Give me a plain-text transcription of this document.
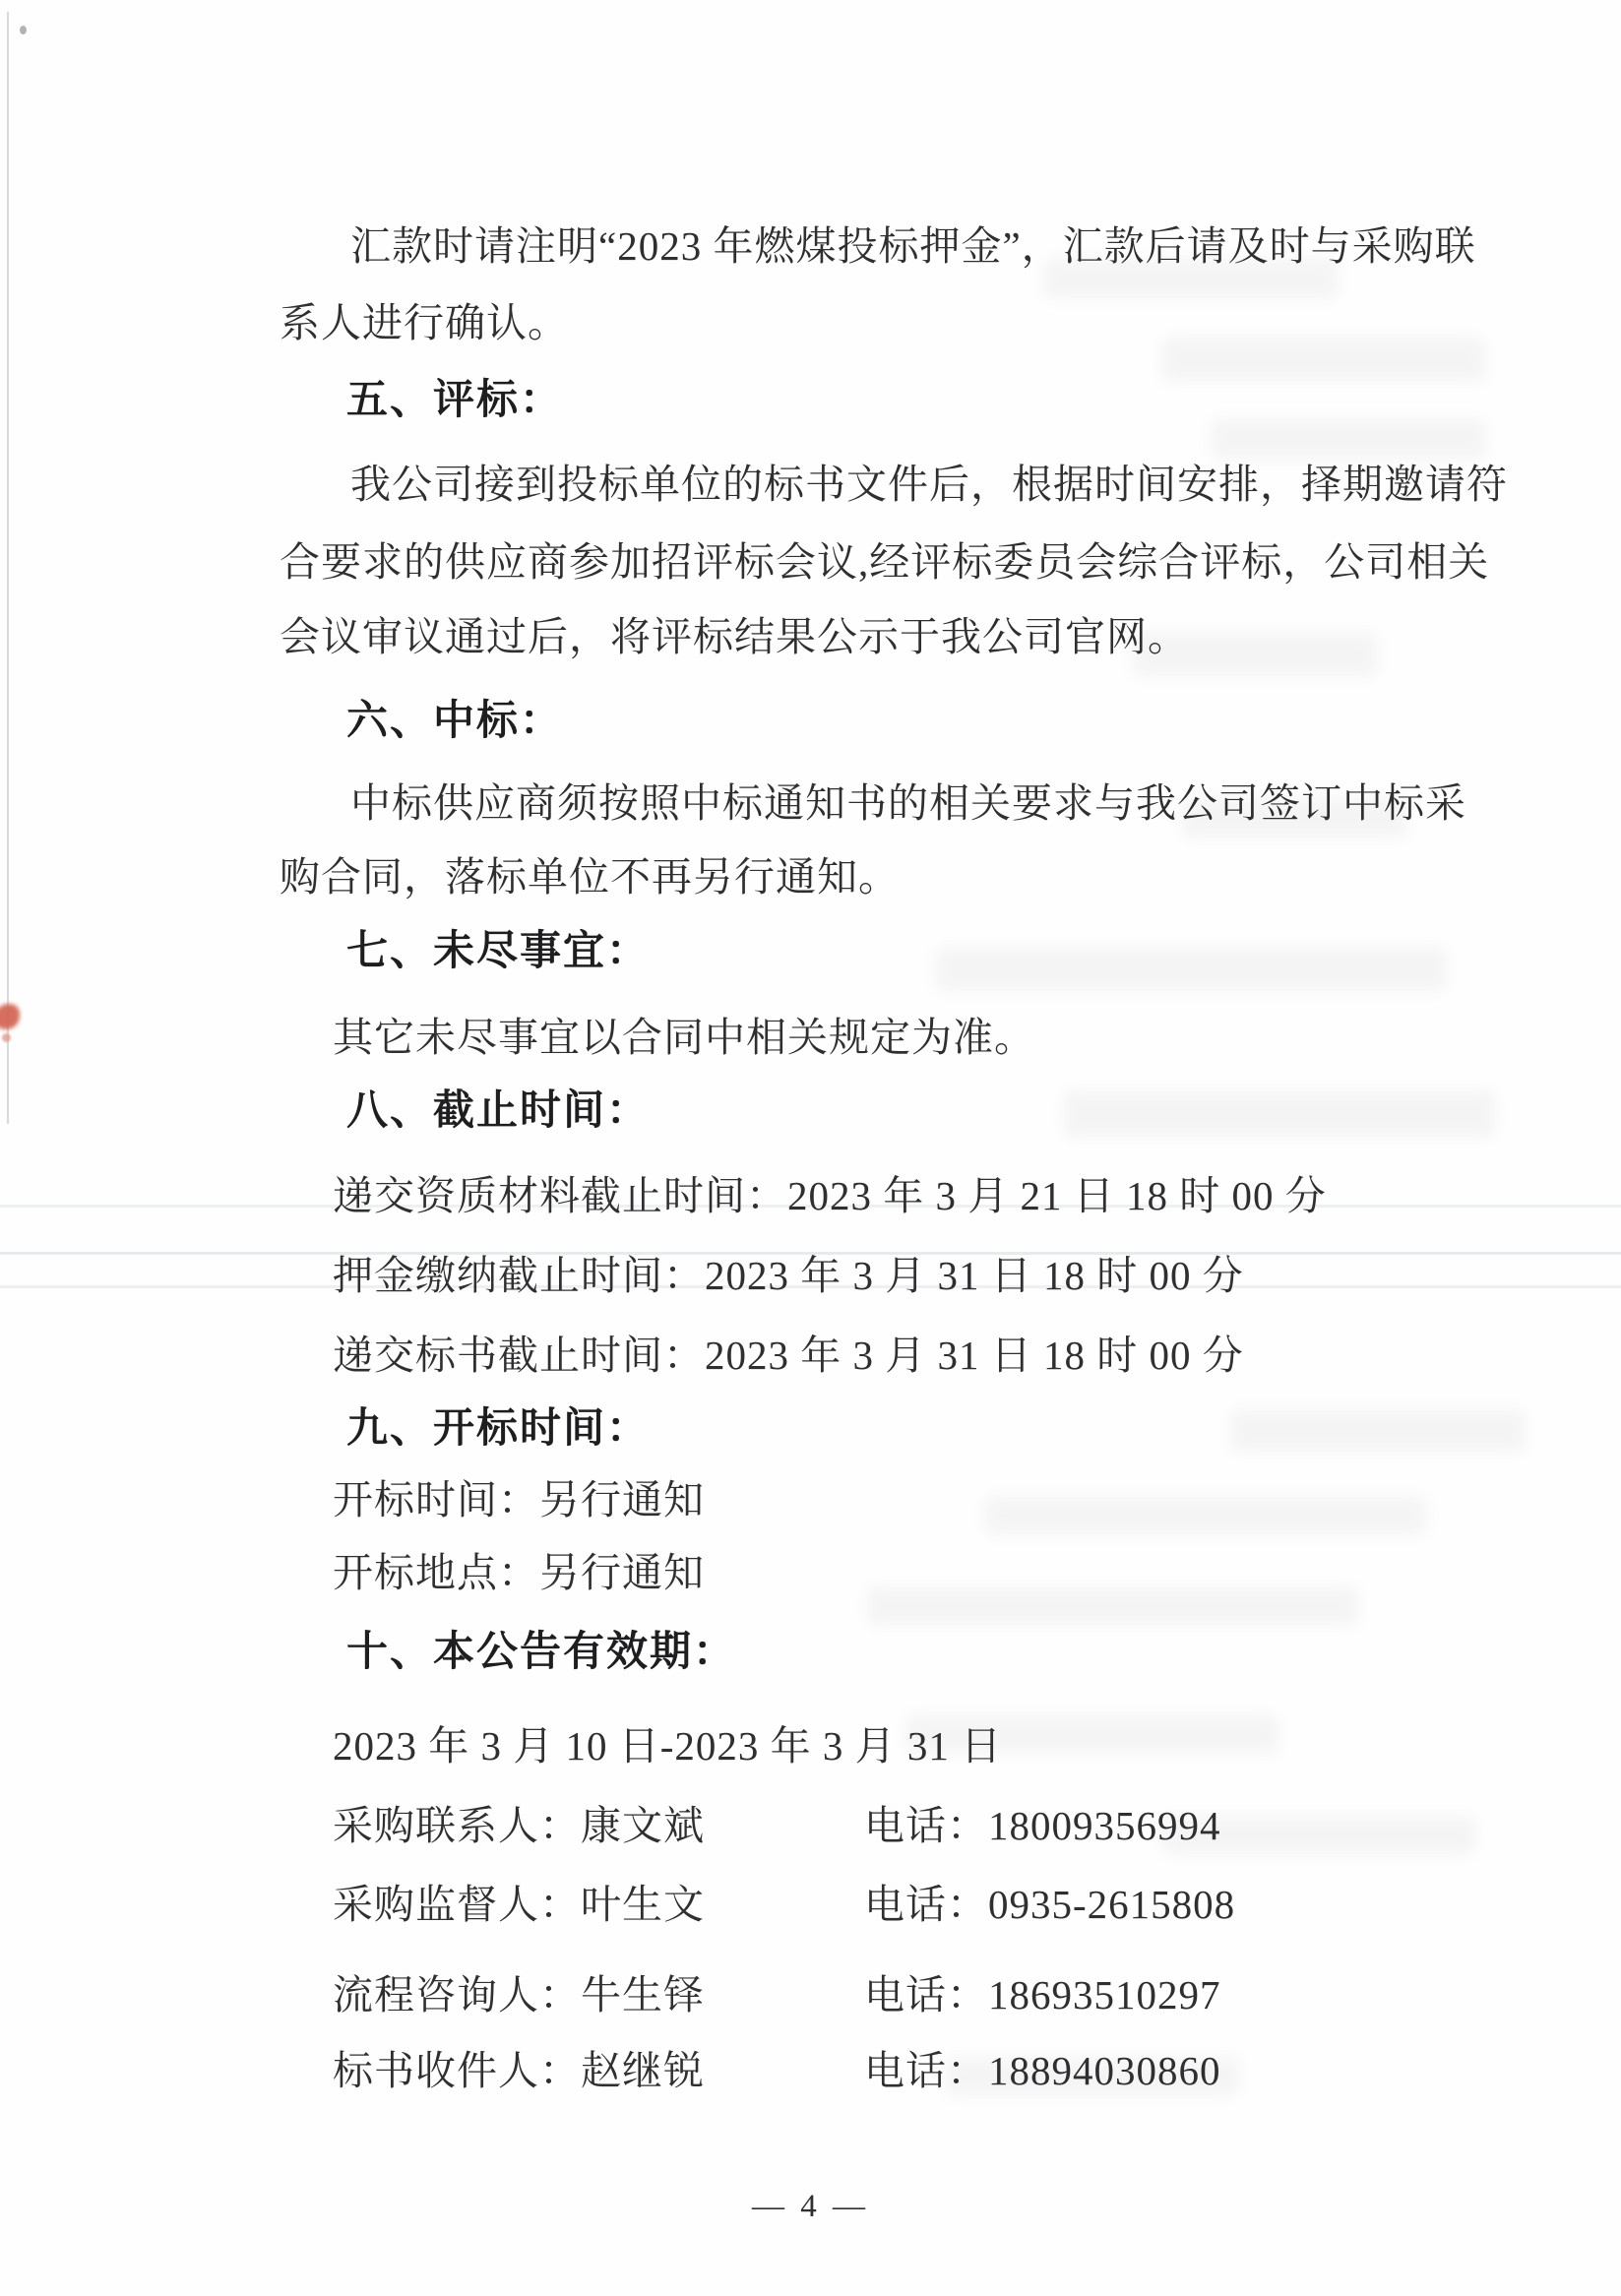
汇款时请注明“2023 年燃煤投标押金”，汇款后请及时与采购联
系人进行确认。
五、评标：
我公司接到投标单位的标书文件后，根据时间安排，择期邀请符
合要求的供应商参加招评标会议,经评标委员会综合评标，公司相关
会议审议通过后，将评标结果公示于我公司官网。
六、中标：
中标供应商须按照中标通知书的相关要求与我公司签订中标采
购合同，落标单位不再另行通知。
七、未尽事宜：
其它未尽事宜以合同中相关规定为准。
八、截止时间：
递交资质材料截止时间：2023 年 3 月 21 日 18 时 00 分
押金缴纳截止时间：2023 年 3 月 31 日 18 时 00 分
递交标书截止时间：2023 年 3 月 31 日 18 时 00 分
九、开标时间：
开标时间：另行通知
开标地点：另行通知
十、本公告有效期：
2023 年 3 月 10 日-2023 年 3 月 31 日
采购联系人：康文斌	电话：18009356994
采购监督人：叶生文	电话：0935-2615808
流程咨询人：牛生铎	电话：18693510297
标书收件人：赵继锐	电话：18894030860
— 4 —
